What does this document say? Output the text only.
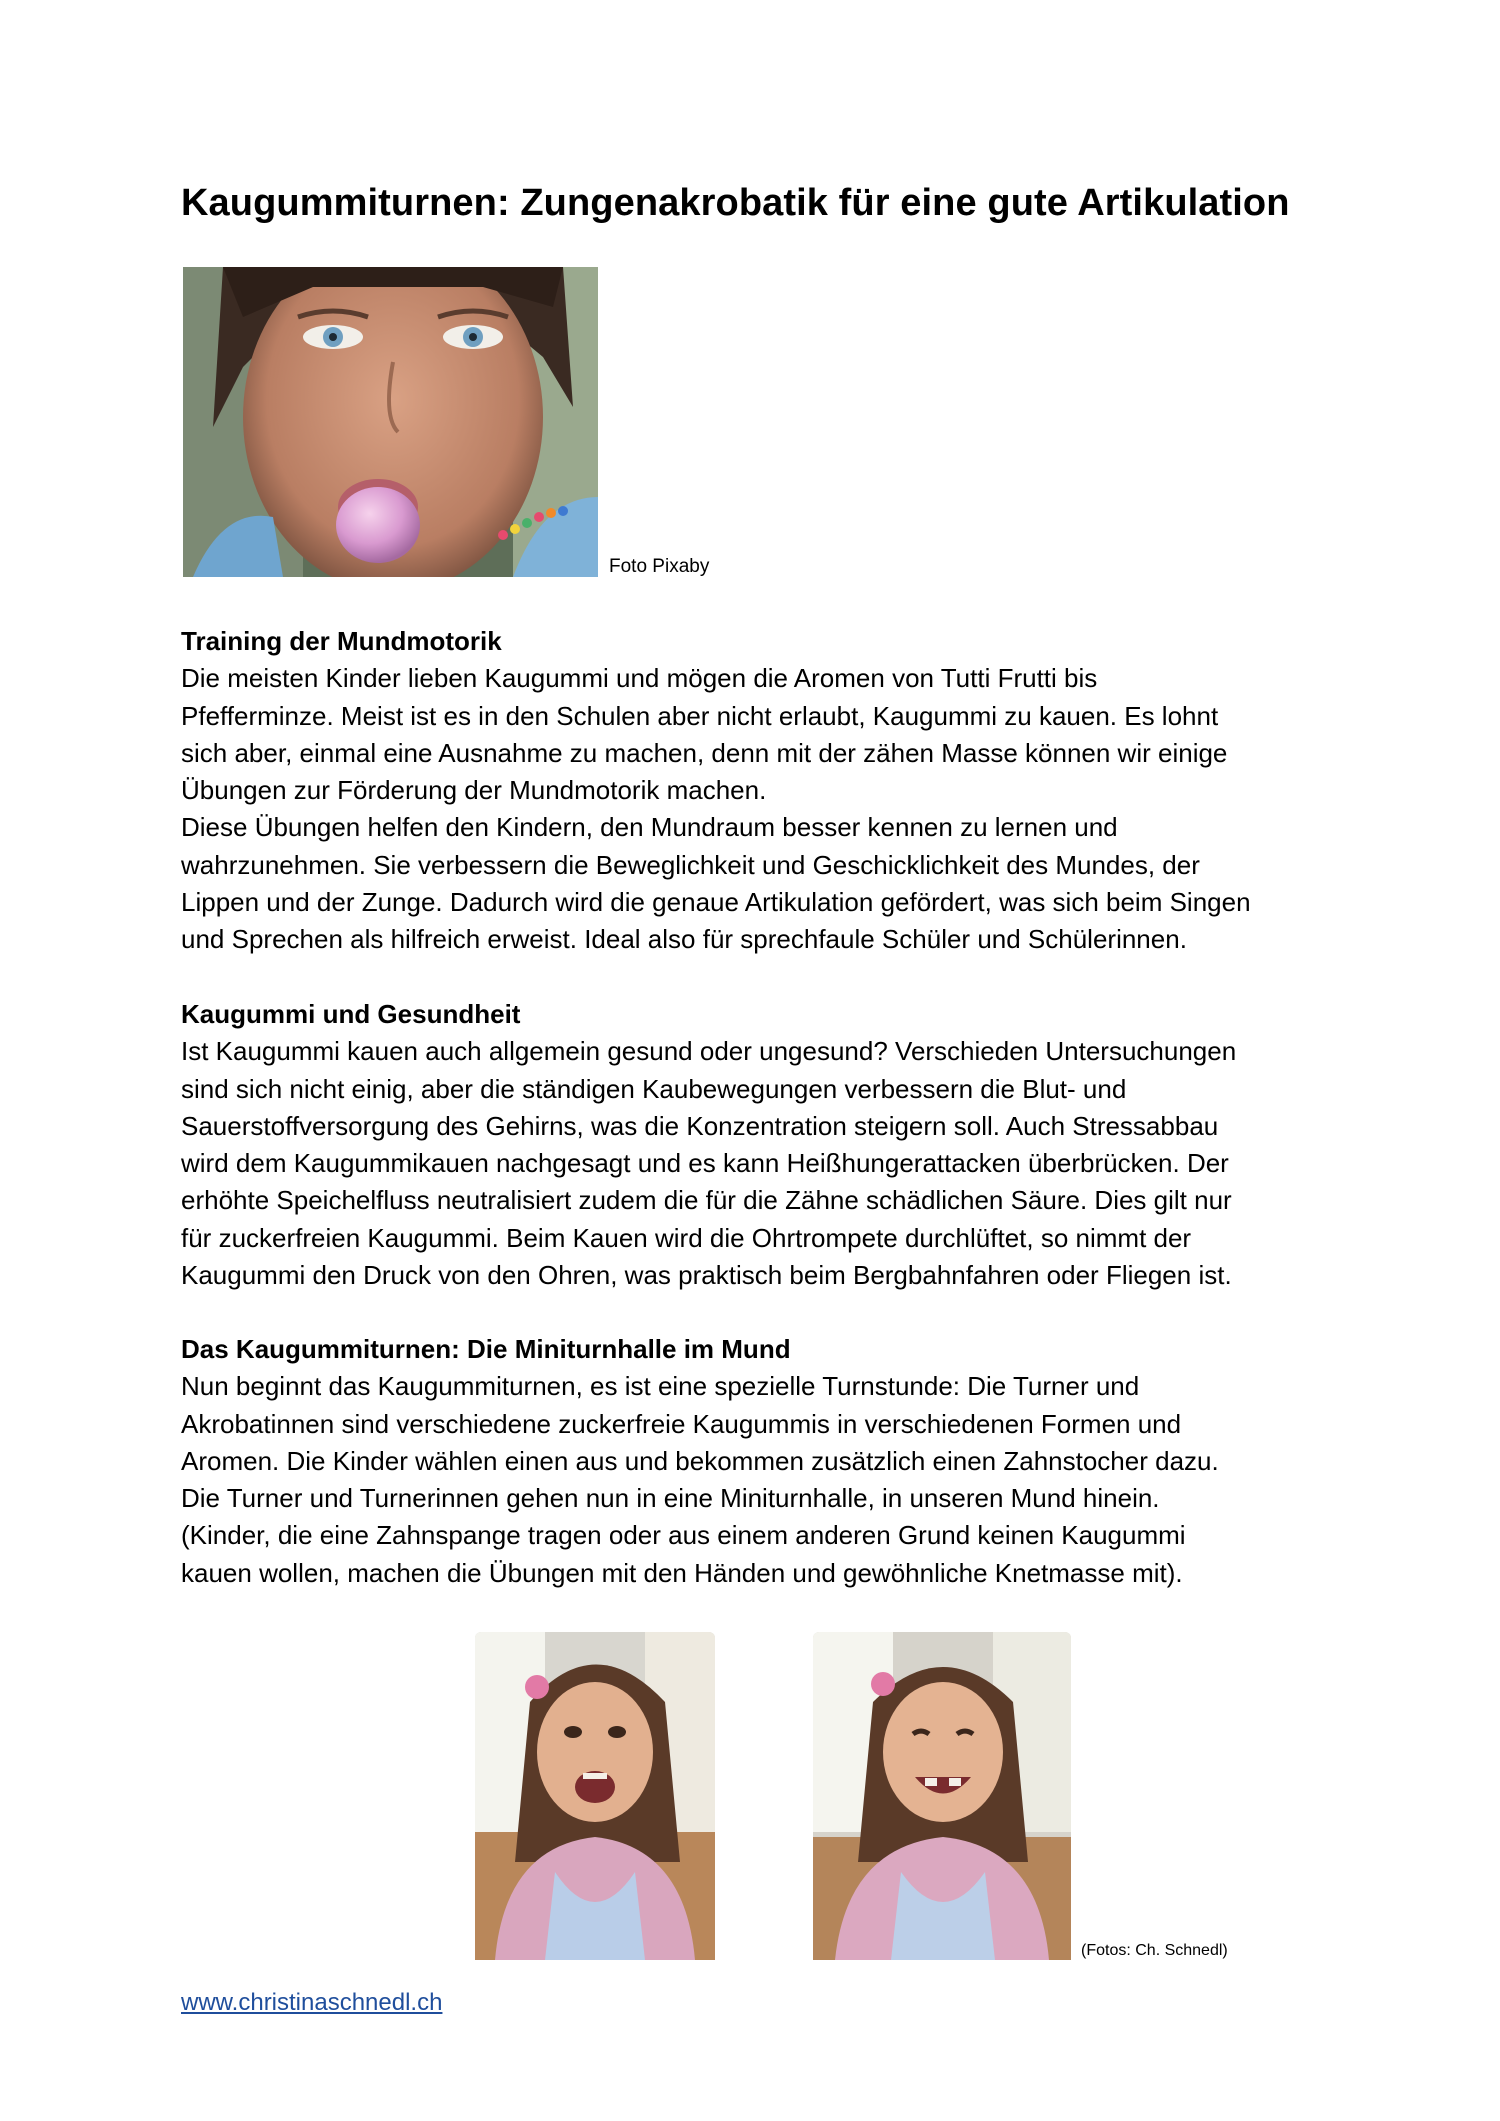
Kaugummiturnen: Zungenakrobatik für eine gute Artikulation
Foto Pixaby
Training der Mundmotorik
Die meisten Kinder lieben Kaugummi und mögen die Aromen von Tutti Frutti bis
Pfefferminze. Meist ist es in den Schulen aber nicht erlaubt, Kaugummi zu kauen. Es lohnt
sich aber, einmal eine Ausnahme zu machen, denn mit der zähen Masse können wir einige
Übungen zur Förderung der Mundmotorik machen.
Diese Übungen helfen den Kindern, den Mundraum besser kennen zu lernen und
wahrzunehmen. Sie verbessern die Beweglichkeit und Geschicklichkeit des Mundes, der
Lippen und der Zunge. Dadurch wird die genaue Artikulation gefördert, was sich beim Singen
und Sprechen als hilfreich erweist. Ideal also für sprechfaule Schüler und Schülerinnen.
Kaugummi und Gesundheit
Ist Kaugummi kauen auch allgemein gesund oder ungesund? Verschieden Untersuchungen
sind sich nicht einig, aber die ständigen Kaubewegungen verbessern die Blut- und
Sauerstoffversorgung des Gehirns, was die Konzentration steigern soll. Auch Stressabbau
wird dem Kaugummikauen nachgesagt und es kann Heißhungerattacken überbrücken. Der
erhöhte Speichelfluss neutralisiert zudem die für die Zähne schädlichen Säure. Dies gilt nur
für zuckerfreien Kaugummi. Beim Kauen wird die Ohrtrompete durchlüftet, so nimmt der
Kaugummi den Druck von den Ohren, was praktisch beim Bergbahnfahren oder Fliegen ist.
Das Kaugummiturnen: Die Miniturnhalle im Mund
Nun beginnt das Kaugummiturnen, es ist eine spezielle Turnstunde: Die Turner und
Akrobatinnen sind verschiedene zuckerfreie Kaugummis in verschiedenen Formen und
Aromen. Die Kinder wählen einen aus und bekommen zusätzlich einen Zahnstocher dazu.
Die Turner und Turnerinnen gehen nun in eine Miniturnhalle, in unseren Mund hinein.
(Kinder, die eine Zahnspange tragen oder aus einem anderen Grund keinen Kaugummi
kauen wollen, machen die Übungen mit den Händen und gewöhnliche Knetmasse mit).
(Fotos: Ch. Schnedl)
www.christinaschnedl.ch
